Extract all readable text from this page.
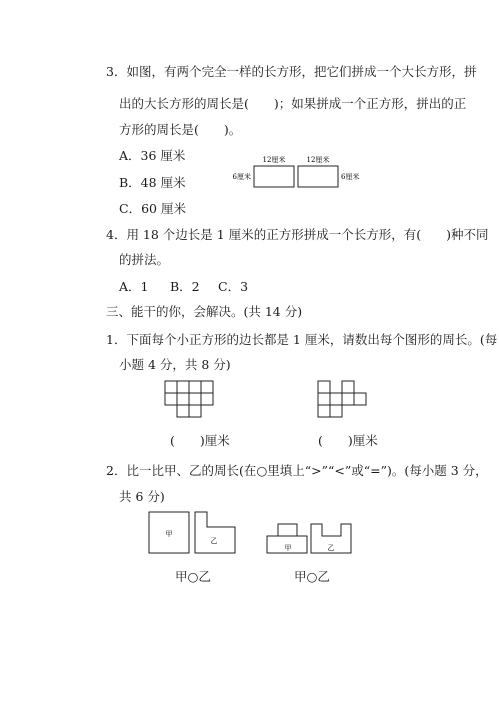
3．如图，有两个完全一样的长方形，把它们拼成一个大长方形，拼
出的大长方形的周长是(　　)；如果拼成一个正方形，拼出的正
方形的周长是(　　)。
A．36 厘米
B．48 厘米
C．60 厘米
12厘米	12厘米
6厘米	6厘米
4．用 18 个边长是 1 厘米的正方形拼成一个长方形，有(　　)种不同
的拼法。
A．1 B．2 C．3
三、能干的你，会解决。(共 14 分)
1．下面每个小正方形的边长都是 1 厘米，请数出每个图形的周长。(每
小题 4 分，共 8 分)
(　　)厘米	(　　)厘米
2．比一比甲、乙的周长(在○里填上“>”“<”或“=”)。(每小题 3 分，
共 6 分)
甲
乙
甲	乙
甲○乙	甲○乙
